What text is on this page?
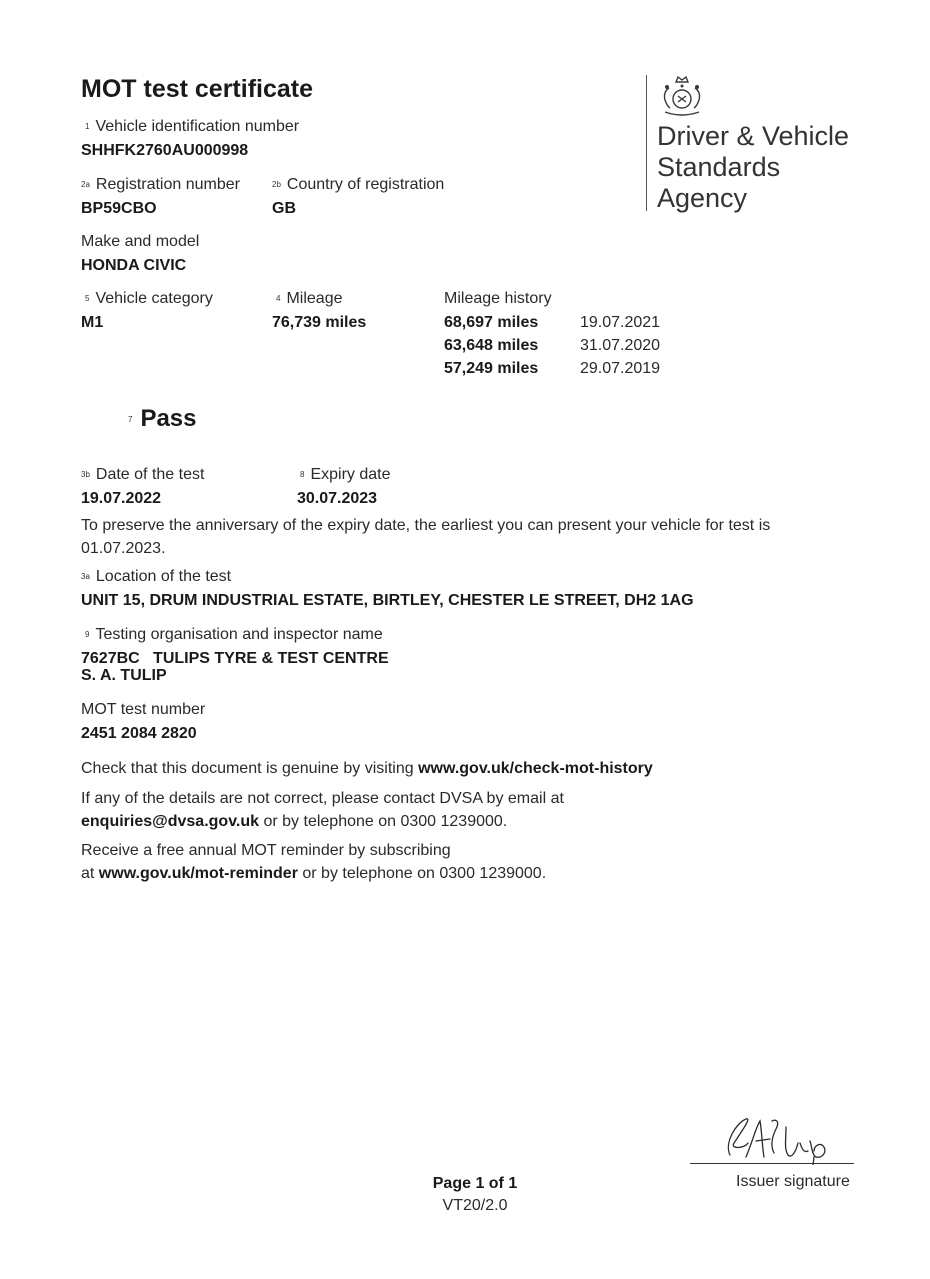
MOT test certificate
1 Vehicle identification number
SHHFK2760AU000998
2a Registration number
BP59CBO
2b Country of registration
GB
Make and model
HONDA CIVIC
5 Vehicle category
M1
4 Mileage
76,739 miles
Mileage history
68,697 miles	19.07.2021
63,648 miles	31.07.2020
57,249 miles	29.07.2019
7 Pass
3b Date of the test
19.07.2022
8 Expiry date
30.07.2023
To preserve the anniversary of the expiry date, the earliest you can present your vehicle for test is
01.07.2023.
3a Location of the test
UNIT 15, DRUM INDUSTRIAL ESTATE, BIRTLEY, CHESTER LE STREET, DH2 1AG
9 Testing organisation and inspector name
7627BC   TULIPS TYRE & TEST CENTRE
S. A. TULIP
MOT test number
2451 2084 2820
Check that this document is genuine by visiting www.gov.uk/check-mot-history
If any of the details are not correct, please contact DVSA by email at
enquiries@dvsa.gov.uk or by telephone on 0300 1239000.
Receive a free annual MOT reminder by subscribing
at www.gov.uk/mot-reminder or by telephone on 0300 1239000.
Driver & Vehicle
Standards
Agency
Issuer signature
Page 1 of 1
VT20/2.0
